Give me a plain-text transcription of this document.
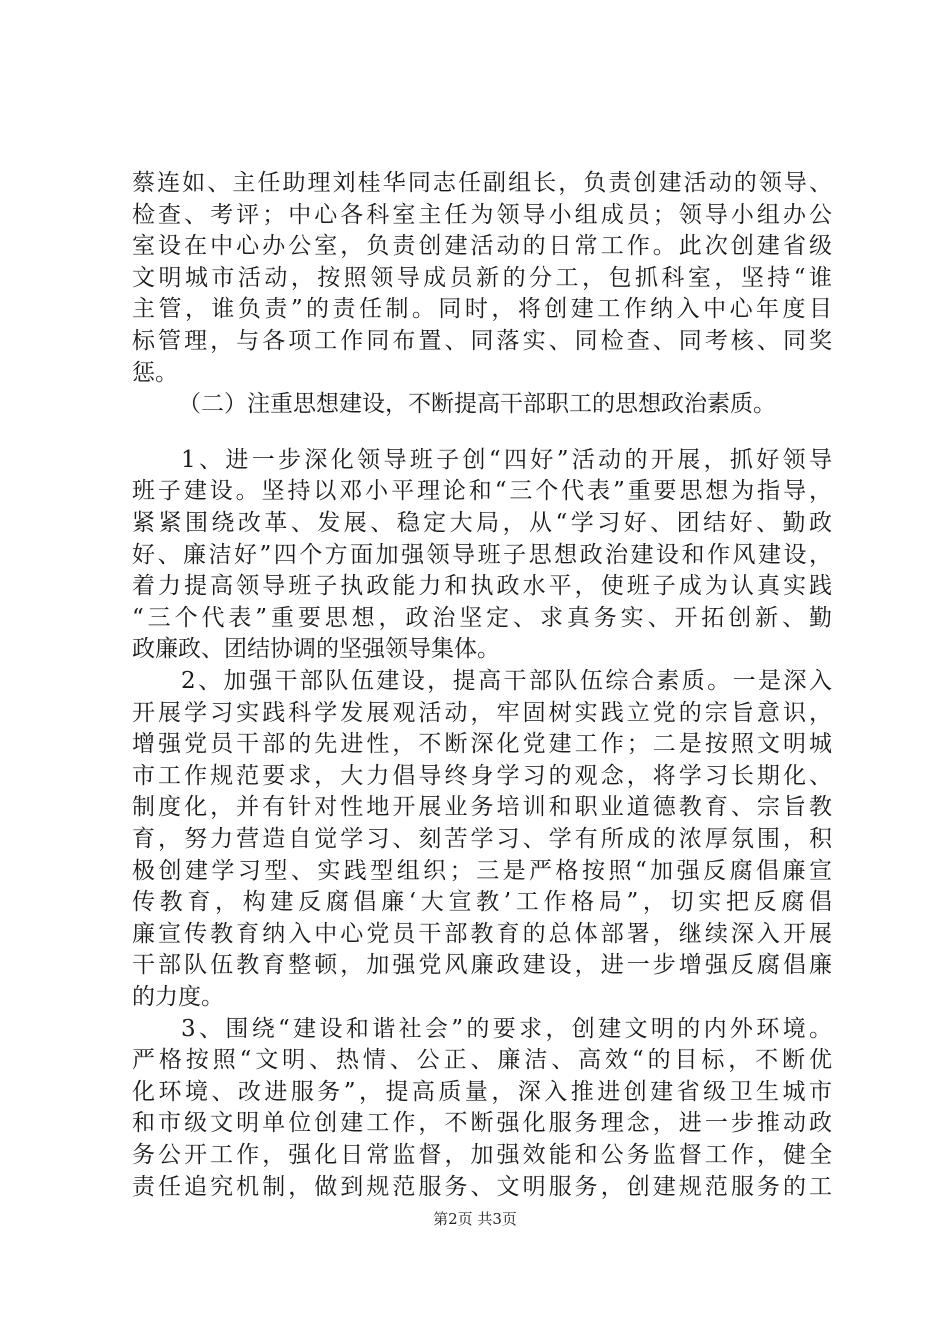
蔡连如、主任助理刘桂华同志任副组长，负责创建活动的领导、
检查、考评；中心各科室主任为领导小组成员；领导小组办公
室设在中心办公室，负责创建活动的日常工作。此次创建省级
文明城市活动，按照领导成员新的分工，包抓科室，坚持“谁
主管，谁负责”的责任制。同时，将创建工作纳入中心年度目
标管理，与各项工作同布置、同落实、同检查、同考核、同奖
惩。
（二）注重思想建设，不断提高干部职工的思想政治素质。
1、进一步深化领导班子创“四好”活动的开展，抓好领导
班子建设。坚持以邓小平理论和“三个代表”重要思想为指导，
紧紧围绕改革、发展、稳定大局，从“学习好、团结好、勤政
好、廉洁好”四个方面加强领导班子思想政治建设和作风建设，
着力提高领导班子执政能力和执政水平，使班子成为认真实践
“三个代表”重要思想，政治坚定、求真务实、开拓创新、勤
政廉政、团结协调的坚强领导集体。
2、加强干部队伍建设，提高干部队伍综合素质。一是深入
开展学习实践科学发展观活动，牢固树实践立党的宗旨意识，
增强党员干部的先进性，不断深化党建工作；二是按照文明城
市工作规范要求，大力倡导终身学习的观念，将学习长期化、
制度化，并有针对性地开展业务培训和职业道德教育、宗旨教
育，努力营造自觉学习、刻苦学习、学有所成的浓厚氛围，积
极创建学习型、实践型组织；三是严格按照“加强反腐倡廉宣
传教育，构建反腐倡廉‘大宣教’工作格局”，切实把反腐倡
廉宣传教育纳入中心党员干部教育的总体部署，继续深入开展
干部队伍教育整顿，加强党风廉政建设，进一步增强反腐倡廉
的力度。
3、围绕“建设和谐社会”的要求，创建文明的内外环境。
严格按照“文明、热情、公正、廉洁、高效“的目标，不断优
化环境、改进服务”，提高质量，深入推进创建省级卫生城市
和市级文明单位创建工作，不断强化服务理念，进一步推动政
务公开工作，强化日常监督，加强效能和公务监督工作，健全
责任追究机制，做到规范服务、文明服务，创建规范服务的工
第2页 共3页
